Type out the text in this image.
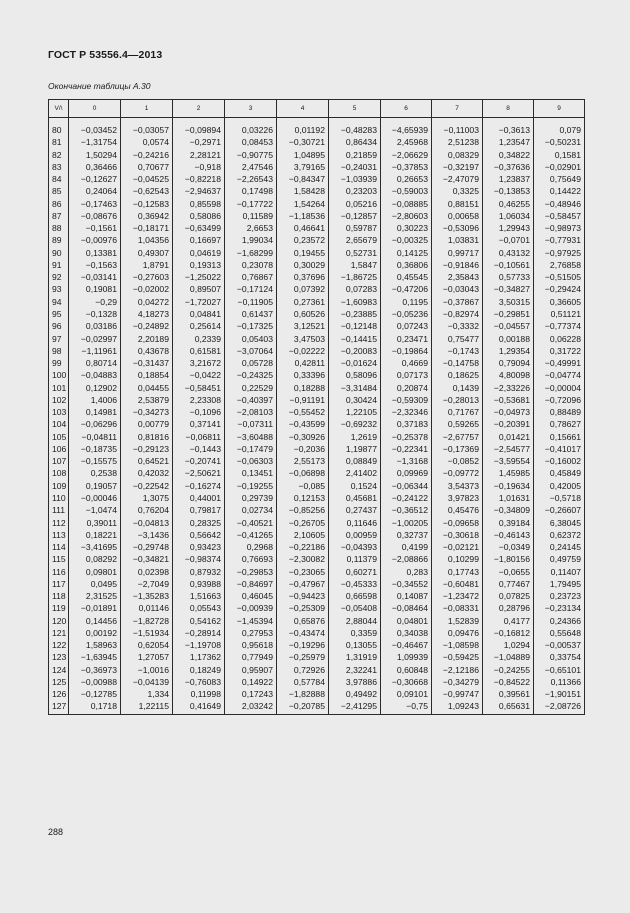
ГОСТ Р 53556.4—2013
Окончание таблицы А.30
V/\	0	1	2	3	4	5	6	7	8	9
80	−0,03452	−0,03057	−0,09894	0,03226	0,01192	−0,48283	−4,65939	−0,11003	−0,3613	0,079
81	−1,31754	0,0574	−0,2971	0,08453	−0,30721	0,86434	2,45968	2,51238	1,23547	−0,50231
82	1,50294	−0,24216	2,28121	−0,90775	1,04895	0,21859	−2,06629	0,08329	0,34822	0,1581
83	0,36466	0,70677	−0,918	2,47546	3,79165	−0,24031	−0,37853	−0,32197	−0,37636	−0,02901
84	−0,12627	−0,04525	−0,82218	−2,26543	−0,84347	−1,03939	0,26653	−2,47079	1,23837	0,75649
85	0,24064	−0,62543	−2,94637	0,17498	1,58428	0,23203	−0,59003	0,3325	−0,13853	0,14422
86	−0,17463	−0,12583	0,85598	−0,17722	1,54264	0,05216	−0,08885	0,88151	0,46255	−0,48946
87	−0,08676	0,36942	0,58086	0,11589	−1,18536	−0,12857	−2,80603	0,00658	1,06034	−0,58457
88	−0,1561	−0,18171	−0,63499	2,6653	0,46641	0,59787	0,30223	−0,53096	1,29943	−0,98973
89	−0,00976	1,04356	0,16697	1,99034	0,23572	2,65679	−0,00325	1,03831	−0,0701	−0,77931
90	0,13381	0,49307	0,04619	−1,68299	0,19455	0,52731	0,14125	0,99717	0,43132	−0,97925
91	−0,1563	1,8791	0,19313	0,23078	0,30029	1,5847	0,36806	−0,91846	−0,10561	2,76858
92	−0,03141	−0,27603	−1,25022	0,76867	0,37696	−1,86725	0,45545	2,35843	0,57733	−0,51505
93	0,19081	−0,02002	0,89507	−0,17124	0,07392	0,07283	−0,47206	−0,03043	−0,34827	−0,29424
94	−0,29	0,04272	−1,72027	−0,11905	0,27361	−1,60983	0,1195	−0,37867	3,50315	0,36605
95	−0,1328	4,18273	0,04841	0,61437	0,60526	−0,23885	−0,05236	−0,82974	−0,29851	0,51121
96	0,03186	−0,24892	0,25614	−0,17325	3,12521	−0,12148	0,07243	−0,3332	−0,04557	−0,77374
97	−0,02997	2,20189	0,2339	0,05403	3,47503	−0,14415	0,23471	0,75477	0,00188	0,06228
98	−1,11961	0,43678	0,61581	−3,07064	−0,02222	−0,20083	−0,19864	−0,1743	1,29354	0,31722
99	0,80714	−0,31437	3,21672	0,05728	0,42811	−0,01624	0,4669	−0,14758	0,79094	−0,49991
100	−0,04883	0,18854	−0,0422	−0,24325	0,33396	0,58096	0,07173	0,18625	4,80098	−0,04774
101	0,12902	0,04455	−0,58451	0,22529	0,18288	−3,31484	0,20874	0,1439	−2,33226	−0,00004
102	1,4006	2,53879	2,23308	−0,40397	−0,91191	0,30424	−0,59309	−0,28013	−0,53681	−0,72096
103	0,14981	−0,34273	−0,1096	−2,08103	−0,55452	1,22105	−2,32346	0,71767	−0,04973	0,88489
104	−0,06296	0,00779	0,37141	−0,07311	−0,43599	−0,69232	0,37183	0,59265	−0,20391	0,78627
105	−0,04811	0,81816	−0,06811	−3,60488	−0,30926	1,2619	−0,25378	−2,67757	0,01421	0,15661
106	−0,18735	−0,29123	−0,1443	−0,17479	−0,2036	1,19877	−0,22341	−0,17369	−2,54577	−0,41017
107	−0,15575	0,64521	−0,20741	−0,06303	2,55173	0,08849	−1,3168	−0,0852	−3,59554	−0,16002
108	0,2538	0,42032	−2,50621	0,13451	−0,06898	2,41402	0,09969	−0,09772	1,45985	0,45849
109	0,19057	−0,22542	−0,16274	−0,19255	−0,085	0,1524	−0,06344	3,54373	−0,19634	0,42005
110	−0,00046	1,3075	0,44001	0,29739	0,12153	0,45681	−0,24122	3,97823	1,01631	−0,5718
111	−1,0474	0,76204	0,79817	0,02734	−0,85256	0,27437	−0,36512	0,45476	−0,34809	−0,26607
112	0,39011	−0,04813	0,28325	−0,40521	−0,26705	0,11646	−1,00205	−0,09658	0,39184	6,38045
113	0,18221	−3,1436	0,56642	−0,41265	2,10605	0,00959	0,32737	−0,30618	−0,46143	0,62372
114	−3,41695	−0,29748	0,93423	0,2968	−0,22186	−0,04393	0,4199	−0,02121	−0,0349	0,24145
115	0,08292	−0,34821	−0,98374	0,76693	−2,30082	0,11379	−2,08866	0,10299	−1,80156	0,49759
116	0,09801	0,02398	0,87932	−0,29853	−0,23065	0,60271	0,283	0,17743	−0,0655	0,11407
117	0,0495	−2,7049	0,93988	−0,84697	−0,47967	−0,45333	−0,34552	−0,60481	0,77467	1,79495
118	2,31525	−1,35283	1,51663	0,46045	−0,94423	0,66598	0,14087	−1,23472	0,07825	0,23723
119	−0,01891	0,01146	0,05543	−0,00939	−0,25309	−0,05408	−0,08464	−0,08331	0,28796	−0,23134
120	0,14456	−1,82728	0,54162	−1,45394	0,65876	2,88044	0,04801	1,52839	0,4177	0,24366
121	0,00192	−1,51934	−0,28914	0,27953	−0,43474	0,3359	0,34038	0,09476	−0,16812	0,55648
122	1,58963	0,62054	−1,19708	0,95618	−0,19296	0,13055	−0,46467	−1,08598	1,0294	−0,00537
123	−1,63945	1,27057	1,17362	0,77949	−0,25979	1,31919	1,09939	−0,59425	−1,04889	0,33754
124	−0,36973	−1,0016	0,18249	0,95907	0,72926	2,32241	0,60848	−2,12186	−0,24255	−0,65101
125	−0,00988	−0,04139	−0,76083	0,14922	0,57784	3,97886	−0,30668	−0,34279	−0,84522	0,11366
126	−0,12785	1,334	0,11998	0,17243	−1,82888	0,49492	0,09101	−0,99747	0,39561	−1,90151
127	0,1718	1,22115	0,41649	2,03242	−0,20785	−2,41295	−0,75	1,09243	0,65631	−2,08726
288
